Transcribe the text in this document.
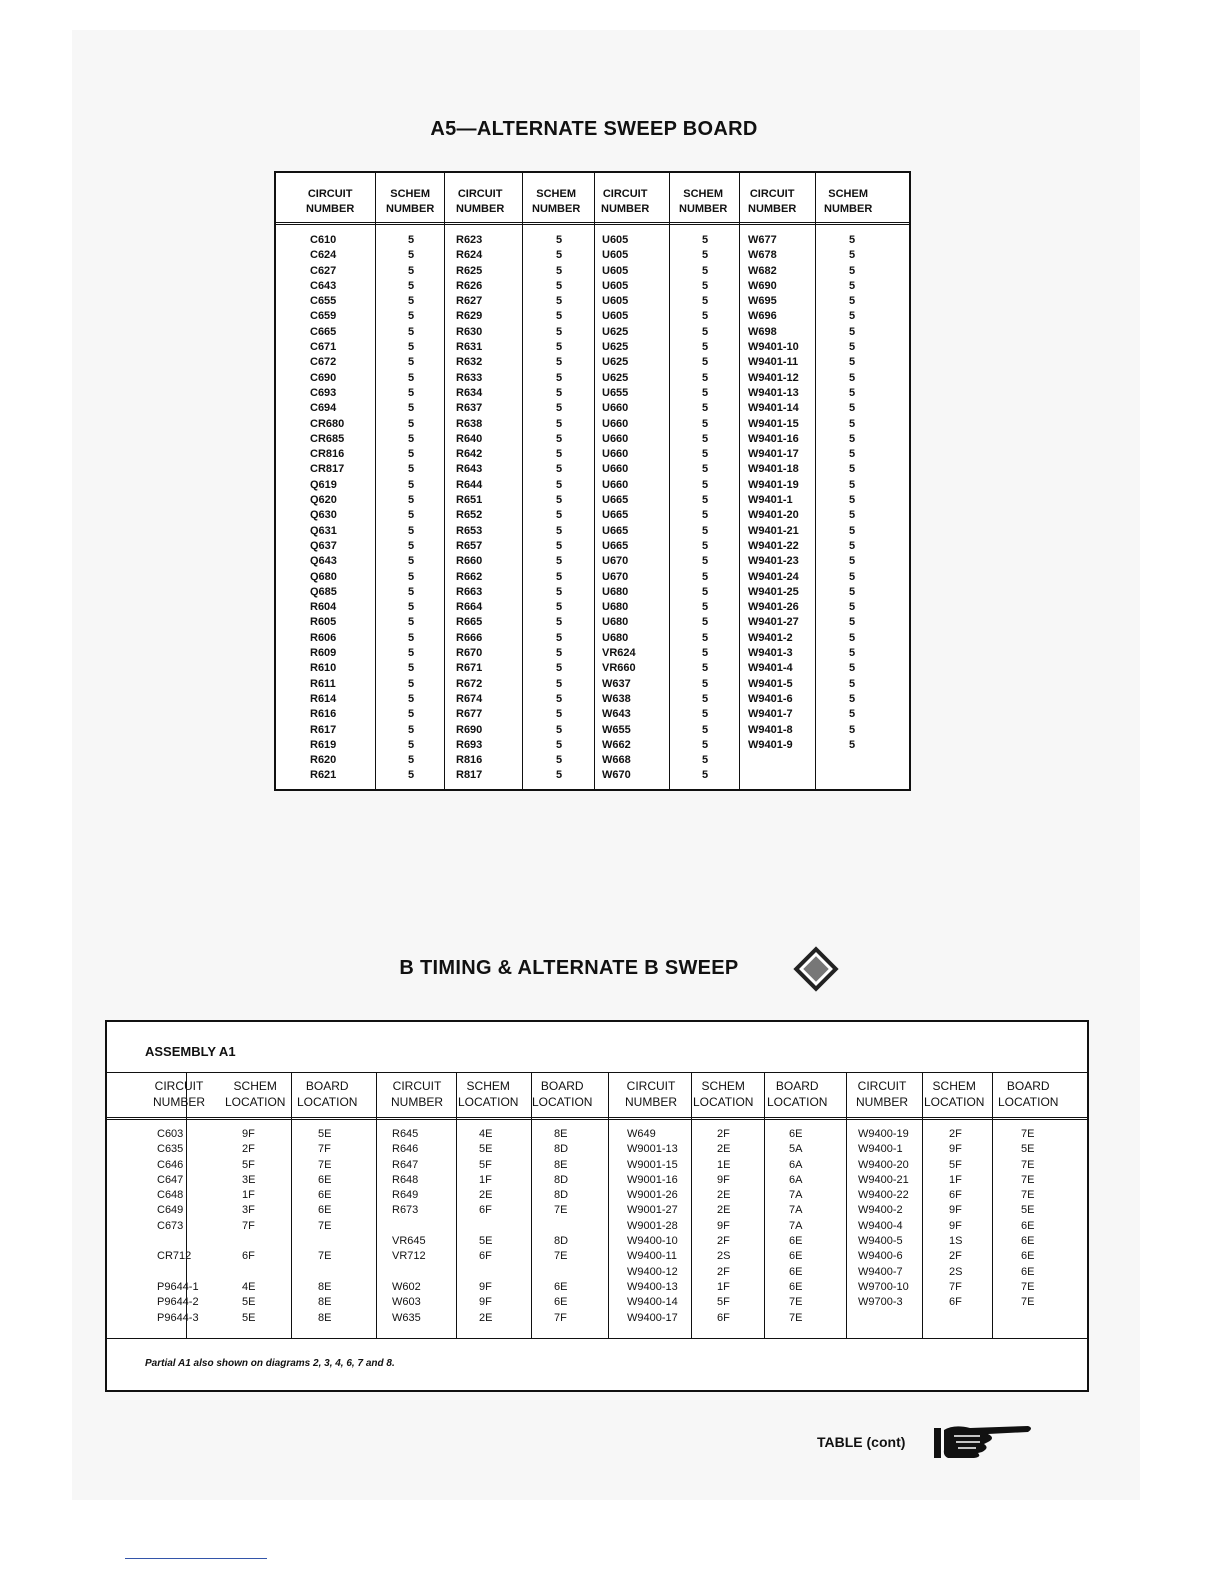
A5—ALTERNATE SWEEP BOARD
CIRCUIT
NUMBER
SCHEM
NUMBER
CIRCUIT
NUMBER
SCHEM
NUMBER
CIRCUIT
NUMBER
SCHEM
NUMBER
CIRCUIT
NUMBER
SCHEM
NUMBER
C610
C624
C627
C643
C655
C659
C665
C671
C672
C690
C693
C694
CR680
CR685
CR816
CR817
Q619
Q620
Q630
Q631
Q637
Q643
Q680
Q685
R604
R605
R606
R609
R610
R611
R614
R616
R617
R619
R620
R621
5
5
5
5
5
5
5
5
5
5
5
5
5
5
5
5
5
5
5
5
5
5
5
5
5
5
5
5
5
5
5
5
5
5
5
5
R623
R624
R625
R626
R627
R629
R630
R631
R632
R633
R634
R637
R638
R640
R642
R643
R644
R651
R652
R653
R657
R660
R662
R663
R664
R665
R666
R670
R671
R672
R674
R677
R690
R693
R816
R817
5
5
5
5
5
5
5
5
5
5
5
5
5
5
5
5
5
5
5
5
5
5
5
5
5
5
5
5
5
5
5
5
5
5
5
5
U605
U605
U605
U605
U605
U605
U625
U625
U625
U625
U655
U660
U660
U660
U660
U660
U660
U665
U665
U665
U665
U670
U670
U680
U680
U680
U680
VR624
VR660
W637
W638
W643
W655
W662
W668
W670
5
5
5
5
5
5
5
5
5
5
5
5
5
5
5
5
5
5
5
5
5
5
5
5
5
5
5
5
5
5
5
5
5
5
5
5
W677
W678
W682
W690
W695
W696
W698
W9401-10
W9401-11
W9401-12
W9401-13
W9401-14
W9401-15
W9401-16
W9401-17
W9401-18
W9401-19
W9401-1
W9401-20
W9401-21
W9401-22
W9401-23
W9401-24
W9401-25
W9401-26
W9401-27
W9401-2
W9401-3
W9401-4
W9401-5
W9401-6
W9401-7
W9401-8
W9401-9
5
5
5
5
5
5
5
5
5
5
5
5
5
5
5
5
5
5
5
5
5
5
5
5
5
5
5
5
5
5
5
5
5
5
B TIMING & ALTERNATE B SWEEP
ASSEMBLY A1
CIRCUIT
NUMBER
SCHEM
LOCATION
BOARD
LOCATION
CIRCUIT
NUMBER
SCHEM
LOCATION
BOARD
LOCATION
CIRCUIT
NUMBER
SCHEM
LOCATION
BOARD
LOCATION
CIRCUIT
NUMBER
SCHEM
LOCATION
BOARD
LOCATION
C603
C635
C646
C647
C648
C649
C673

CR712

P9644-1
P9644-2
P9644-3
9F
2F
5F
3E
1F
3F
7F

6F

4E
5E
5E
5E
7F
7E
6E
6E
6E
7E

7E

8E
8E
8E
R645
R646
R647
R648
R649
R673

VR645
VR712

W602
W603
W635
4E
5E
5F
1F
2E
6F

5E
6F

9F
9F
2E
8E
8D
8E
8D
8D
7E

8D
7E

6E
6E
7F
W649
W9001-13
W9001-15
W9001-16
W9001-26
W9001-27
W9001-28
W9400-10
W9400-11
W9400-12
W9400-13
W9400-14
W9400-17
2F
2E
1E
9F
2E
2E
9F
2F
2S
2F
1F
5F
6F
6E
5A
6A
6A
7A
7A
7A
6E
6E
6E
6E
7E
7E
W9400-19
W9400-1
W9400-20
W9400-21
W9400-22
W9400-2
W9400-4
W9400-5
W9400-6
W9400-7
W9700-10
W9700-3
2F
9F
5F
1F
6F
9F
9F
1S
2F
2S
7F
6F
7E
5E
7E
7E
7E
5E
6E
6E
6E
6E
7E
7E
Partial A1 also shown on diagrams 2, 3, 4, 6, 7 and 8.
TABLE (cont)
